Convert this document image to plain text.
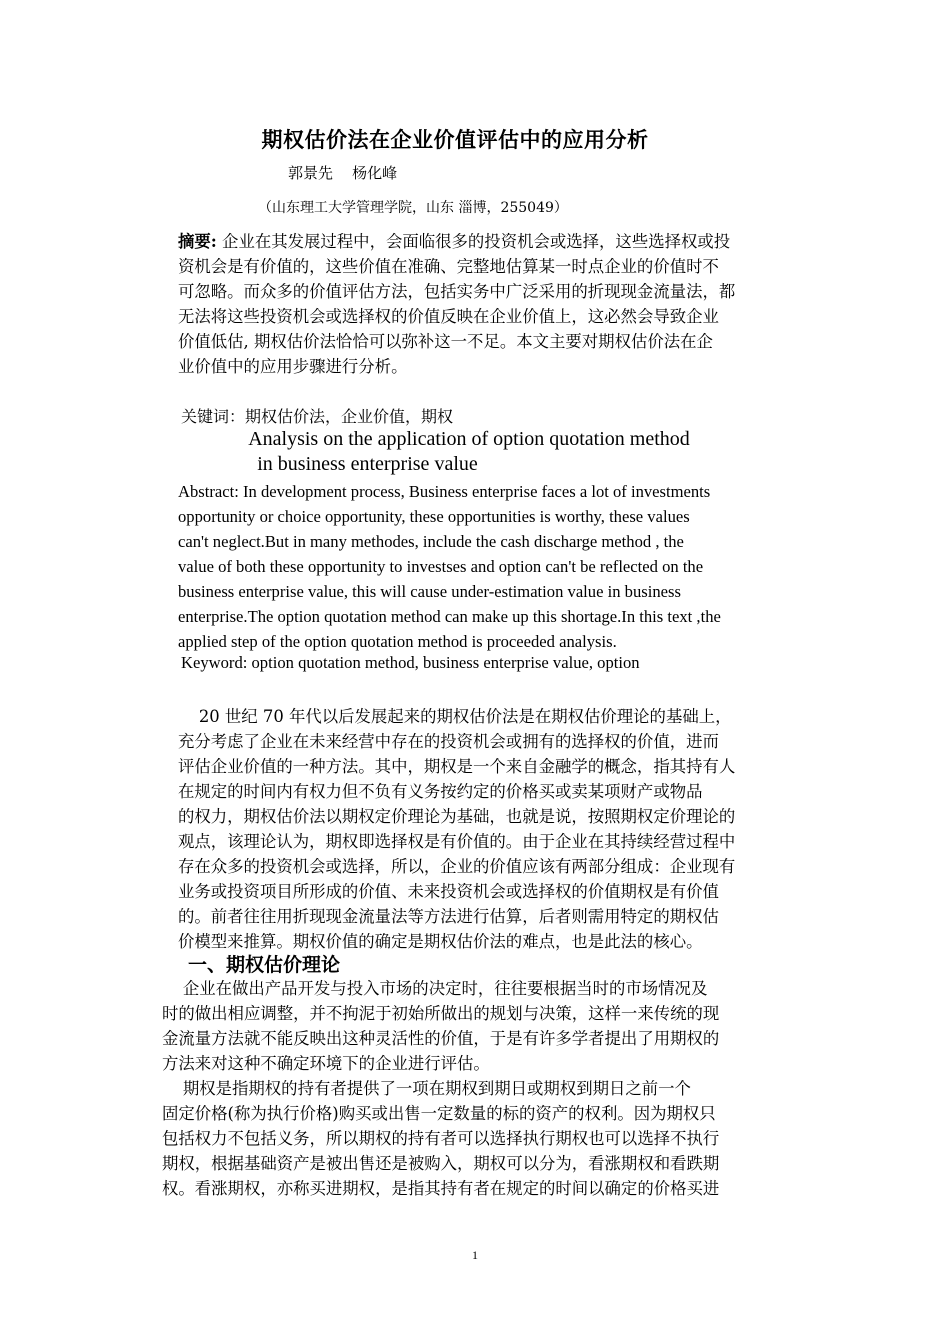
期权估价法在企业价值评估中的应用分析
郭景先    杨化峰
（山东理工大学管理学院，山东 淄博，255049）
摘要: 企业在其发展过程中，会面临很多的投资机会或选择，这些选择权或投
资机会是有价值的，这些价值在准确、完整地估算某一时点企业的价值时不
可忽略。而众多的价值评估方法，包括实务中广泛采用的折现现金流量法，都
无法将这些投资机会或选择权的价值反映在企业价值上，这必然会导致企业
价值低估, 期权估价法恰恰可以弥补这一不足。本文主要对期权估价法在企
业价值中的应用步骤进行分析。
关键词：期权估价法，企业价值，期权
Analysis on the application of option quotation method
in business enterprise value
Abstract: In development process, Business enterprise faces a lot of investments
opportunity or choice opportunity, these opportunities is worthy, these values
can't neglect.But in many methodes, include the cash discharge method , the
value of both these opportunity to investses and option can't be reflected on the
business enterprise value, this will cause under-estimation value in business
enterprise.The option quotation method can make up this shortage.In this text ,the
applied step of the option quotation method is proceeded analysis.
Keyword: option quotation method, business enterprise value, option
20 世纪 70 年代以后发展起来的期权估价法是在期权估价理论的基础上，
充分考虑了企业在未来经营中存在的投资机会或拥有的选择权的价值，进而
评估企业价值的一种方法。其中，期权是一个来自金融学的概念，指其持有人
在规定的时间内有权力但不负有义务按约定的价格买或卖某项财产或物品
的权力，期权估价法以期权定价理论为基础，也就是说，按照期权定价理论的
观点，该理论认为，期权即选择权是有价值的。由于企业在其持续经营过程中
存在众多的投资机会或选择，所以，企业的价值应该有两部分组成：企业现有
业务或投资项目所形成的价值、未来投资机会或选择权的价值期权是有价值
的。前者往往用折现现金流量法等方法进行估算，后者则需用特定的期权估
价模型来推算。期权价值的确定是期权估价法的难点，也是此法的核心。
一、期权估价理论
企业在做出产品开发与投入市场的决定时，往往要根据当时的市场情况及
时的做出相应调整，并不拘泥于初始所做出的规划与决策，这样一来传统的现
金流量方法就不能反映出这种灵活性的价值，于是有许多学者提出了用期权的
方法来对这种不确定环境下的企业进行评估。
期权是指期权的持有者提供了一项在期权到期日或期权到期日之前一个
固定价格(称为执行价格)购买或出售一定数量的标的资产的权利。因为期权只
包括权力不包括义务，所以期权的持有者可以选择执行期权也可以选择不执行
期权，根据基础资产是被出售还是被购入，期权可以分为，看涨期权和看跌期
权。看涨期权，亦称买进期权，是指其持有者在规定的时间以确定的价格买进
1
